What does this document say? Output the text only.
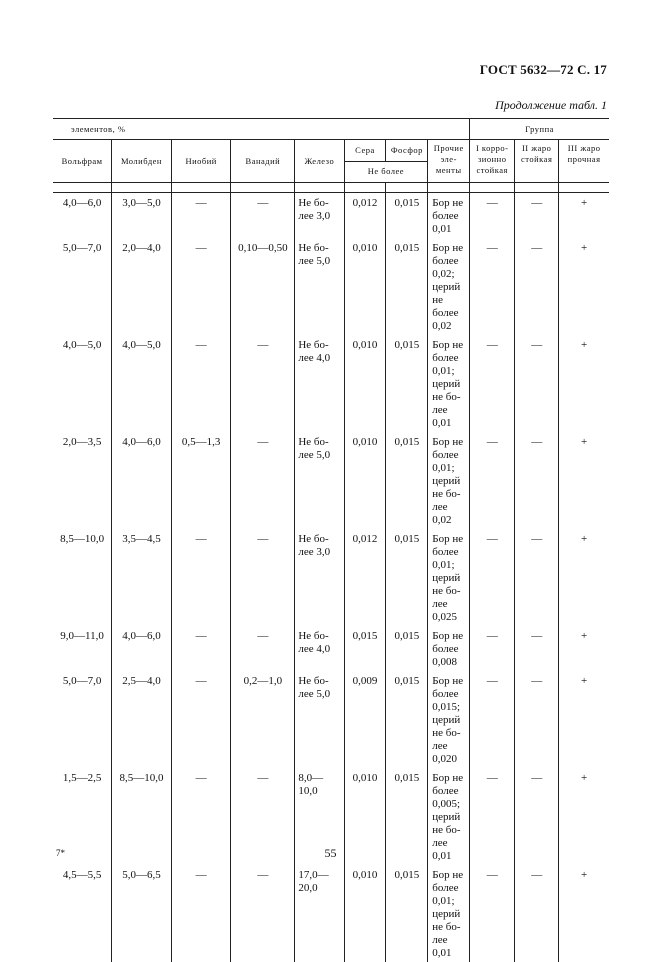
ГОСТ 5632—72 С. 17
Продолжение табл. 1
элементов, %								Группа		
Вольфрам	Молибден	Ниобий	Ванадий	Железо	Сера	Фосфор	Прочие эле- менты	I корро- зионно стойкая	II жаро стойкая	III жаро прочная
					Не более					

4,0—6,0	3,0—5,0	—	—	Не бо- лее 3,0	0,012	0,015	Бор не более 0,01	—	—	+
5,0—7,0	2,0—4,0	—	0,10—0,50	Не бо- лее 5,0	0,010	0,015	Бор не более 0,02; церий не более 0,02	—	—	+
4,0—5,0	4,0—5,0	—	—	Не бо- лее 4,0	0,010	0,015	Бор не более 0,01; церий не бо- лее 0,01	—	—	+
2,0—3,5	4,0—6,0	0,5—1,3	—	Не бо- лее 5,0	0,010	0,015	Бор не более 0,01; церий не бо- лее 0,02	—	—	+
8,5—10,0	3,5—4,5	—	—	Не бо- лее 3,0	0,012	0,015	Бор не более 0,01; церий не бо- лее 0,025	—	—	+
9,0—11,0	4,0—6,0	—	—	Не бо- лее 4,0	0,015	0,015	Бор не более 0,008	—	—	+
5,0—7,0	2,5—4,0	—	0,2—1,0	Не бо- лее 5,0	0,009	0,015	Бор не более 0,015; церий не бо- лее 0,020	—	—	+
1,5—2,5	8,5—10,0	—	—	8,0— 10,0	0,010	0,015	Бор не более 0,005; церий не бо- лее 0,01	—	—	+
4,5—5,5	5,0—6,5	—	—	17,0— 20,0	0,010	0,015	Бор не более 0,01; церий не бо- лее 0,01	—	—	+
7*	55
